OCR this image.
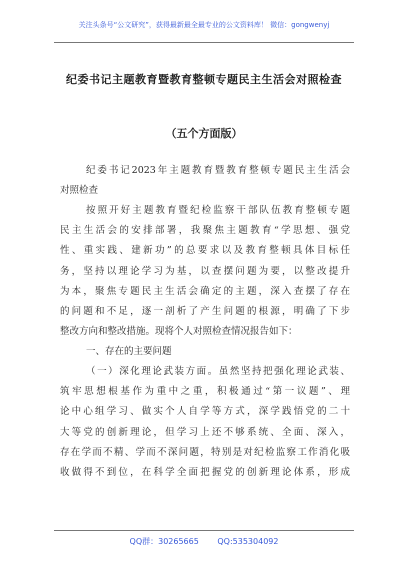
关注头条号“公文研究”，获得最新最全最专业的公文资料库！ 微信：gongwenyj
纪委书记主题教育暨教育整顿专题民主生活会对照检查
（五个方面版）
纪委书记2023年主题教育暨教育整顿专题民主生活会
对照检查
按照开好主题教育暨纪检监察干部队伍教育整顿专题
民主生活会的安排部署，我聚焦主题教育“学思想、强党
性、重实践、建新功”的总要求以及教育整顿具体目标任
务，坚持以理论学习为基，以查摆问题为要，以整改提升
为本，聚焦专题民主生活会确定的主题，深入查摆了存在
的问题和不足，逐一剖析了产生问题的根源，明确了下步
整改方向和整改措施。现将个人对照检查情况报告如下：
一、存在的主要问题
（一）深化理论武装方面。虽然坚持把强化理论武装、
筑牢思想根基作为重中之重，积极通过“第一议题”、理
论中心组学习、做实个人自学等方式，深学践悟党的二十
大等党的创新理论，但学习上还不够系统、全面、深入，
存在学而不精、学而不深问题，特别是对纪检监察工作消化吸
收做得不到位，在科学全面把握党的创新理论体系，形成
QQ群：30265665 QQ:535304092
